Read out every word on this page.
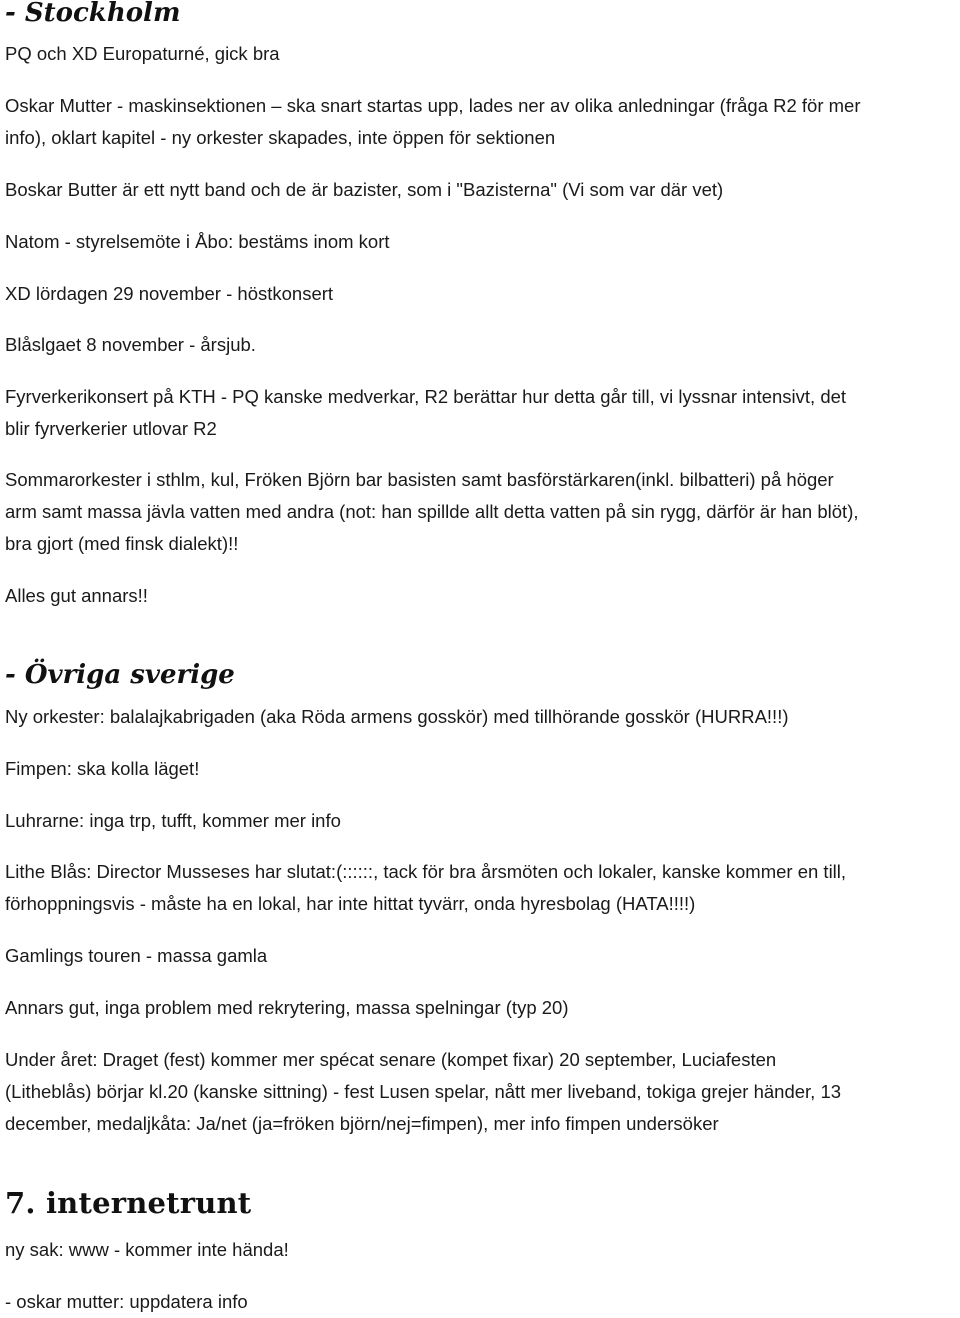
- Stockholm

PQ och XD Europaturné, gick bra

Oskar Mutter - maskinsektionen – ska snart startas upp, lades ner av olika anledningar (fråga R2 för mer
info), oklart kapitel - ny orkester skapades, inte öppen för sektionen

Boskar Butter är ett nytt band och de är bazister, som i "Bazisterna" (Vi som var där vet)

Natom - styrelsemöte i Åbo: bestäms inom kort

XD lördagen 29 november - höstkonsert

Blåslgaet 8 november - årsjub.

Fyrverkerikonsert på KTH - PQ kanske medverkar, R2 berättar hur detta går till, vi lyssnar intensivt, det
blir fyrverkerier utlovar R2

Sommarorkester i sthlm, kul, Fröken Björn bar basisten samt basförstärkaren(inkl. bilbatteri) på höger
arm samt massa jävla vatten med andra (not: han spillde allt detta vatten på sin rygg, därför är han blöt),
bra gjort (med finsk dialekt)!!

Alles gut annars!!

- Övriga sverige

Ny orkester: balalajkabrigaden (aka Röda armens gosskör) med tillhörande gosskör (HURRA!!!)

Fimpen: ska kolla läget!

Luhrarne: inga trp, tufft, kommer mer info

Lithe Blås: Director Musseses har slutat:(::::::, tack för bra årsmöten och lokaler, kanske kommer en till,
förhoppningsvis - måste ha en lokal, har inte hittat tyvärr, onda hyresbolag (HATA!!!!)

Gamlings touren - massa gamla

Annars gut, inga problem med rekrytering, massa spelningar (typ 20)

Under året: Draget (fest) kommer mer spécat senare (kompet fixar) 20 september, Luciafesten
(Litheblås) börjar kl.20 (kanske sittning) - fest Lusen spelar, nått mer liveband, tokiga grejer händer, 13
december, medaljkåta: Ja/net (ja=fröken björn/nej=fimpen), mer info fimpen undersöker

7. internetrunt

ny sak: www - kommer inte hända!

- oskar mutter: uppdatera info
